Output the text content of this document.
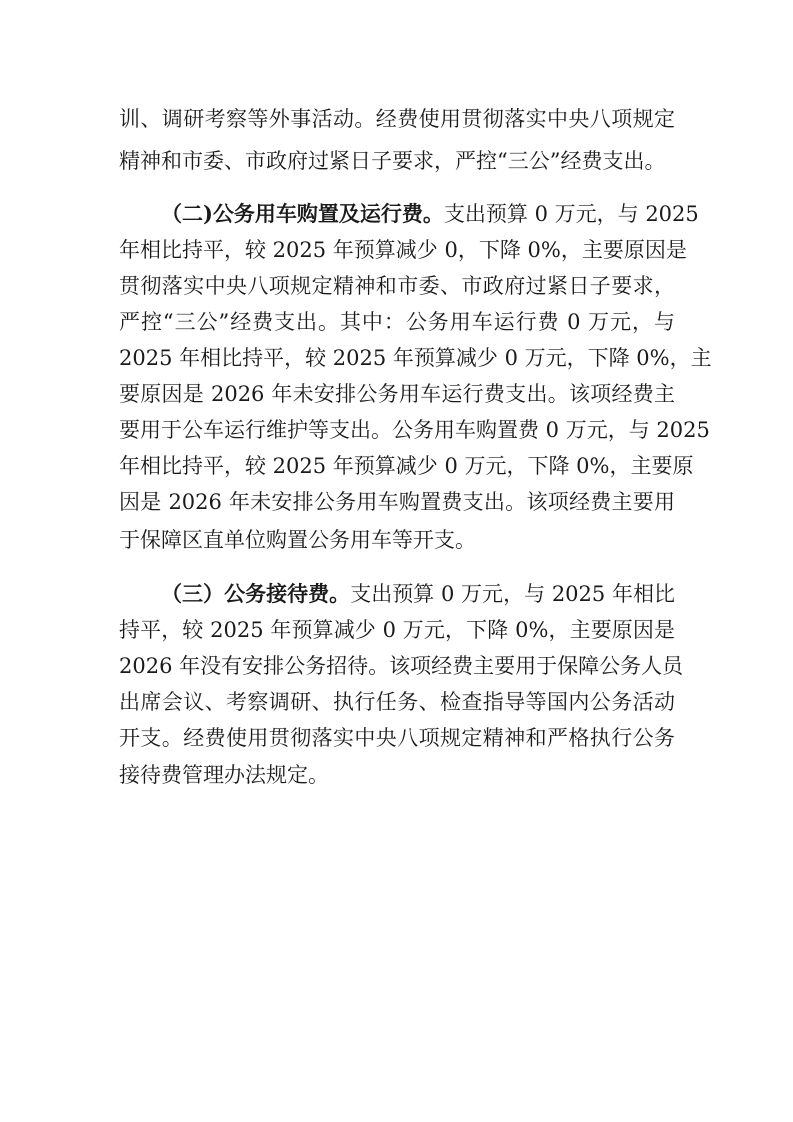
训、调研考察等外事活动。经费使用贯彻落实中央八项规定
精神和市委、市政府过紧日子要求，严控“三公”经费支出。
（二)公务用车购置及运行费。支出预算 0 万元，与 2025
年相比持平，较 2025 年预算减少 0，下降 0%，主要原因是
贯彻落实中央八项规定精神和市委、市政府过紧日子要求，
严控“三公”经费支出。其中：公务用车运行费 0 万元，与
2025 年相比持平，较 2025 年预算减少 0 万元，下降 0%，主
要原因是 2026 年未安排公务用车运行费支出。该项经费主
要用于公车运行维护等支出。公务用车购置费 0 万元，与 2025
年相比持平，较 2025 年预算减少 0 万元，下降 0%，主要原
因是 2026 年未安排公务用车购置费支出。该项经费主要用
于保障区直单位购置公务用车等开支。
（三）公务接待费。支出预算 0 万元，与 2025 年相比
持平，较 2025 年预算减少 0 万元，下降 0%，主要原因是
2026 年没有安排公务招待。该项经费主要用于保障公务人员
出席会议、考察调研、执行任务、检查指导等国内公务活动
开支。经费使用贯彻落实中央八项规定精神和严格执行公务
接待费管理办法规定。
